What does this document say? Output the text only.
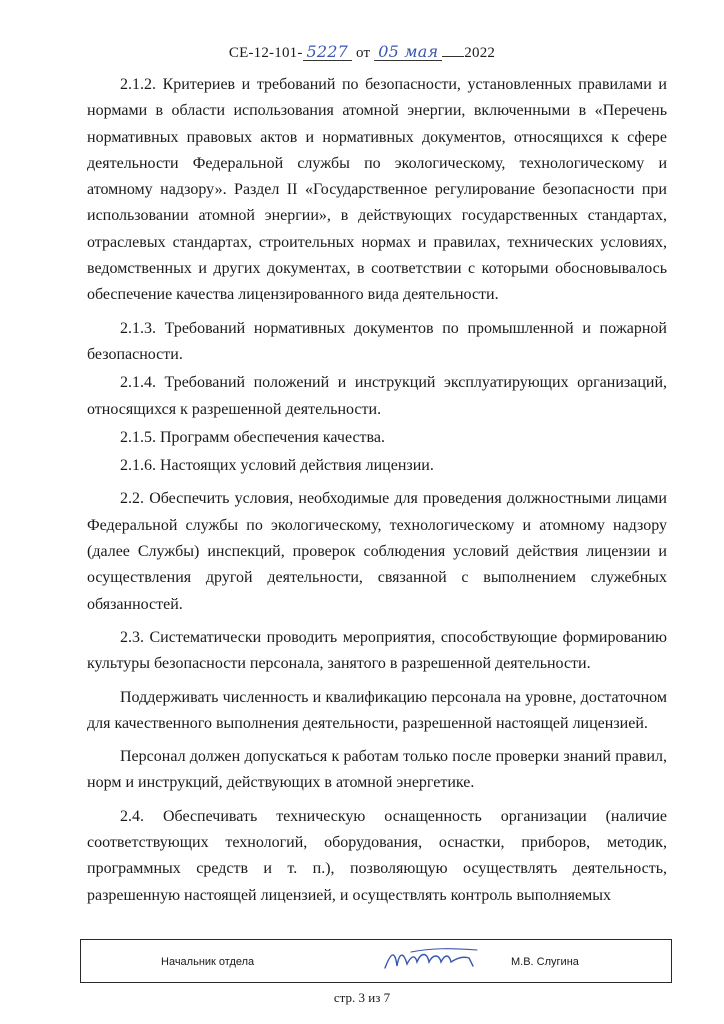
СЕ-12-101- 5227 от 05 мая 2022

2.1.2. Критериев и требований по безопасности, установленных правилами и нормами в области использования атомной энергии, включенными в «Перечень нормативных правовых актов и нормативных документов, относящихся к сфере деятельности Федеральной службы по экологическому, технологическому и атомному надзору». Раздел II «Государственное регулирование безопасности при использовании атомной энергии», в действующих государственных стандартах, отраслевых стандартах, строительных нормах и правилах, технических условиях, ведомственных и других документах, в соответствии с которыми обосновывалось обеспечение качества лицензированного вида деятельности.

2.1.3. Требований нормативных документов по промышленной и пожарной безопасности.

2.1.4. Требований положений и инструкций эксплуатирующих организаций, относящихся к разрешенной деятельности.

2.1.5. Программ обеспечения качества.

2.1.6. Настоящих условий действия лицензии.

2.2. Обеспечить условия, необходимые для проведения должностными лицами Федеральной службы по экологическому, технологическому и атомному надзору (далее Службы) инспекций, проверок соблюдения условий действия лицензии и осуществления другой деятельности, связанной с выполнением служебных обязанностей.

2.3. Систематически проводить мероприятия, способствующие формированию культуры безопасности персонала, занятого в разрешенной деятельности.

Поддерживать численность и квалификацию персонала на уровне, достаточном для качественного выполнения деятельности, разрешенной настоящей лицензией.

Персонал должен допускаться к работам только после проверки знаний правил, норм и инструкций, действующих в атомной энергетике.

2.4. Обеспечивать техническую оснащенность организации (наличие соответствующих технологий, оборудования, оснастки, приборов, методик, программных средств и т. п.), позволяющую осуществлять деятельность, разрешенную настоящей лицензией, и осуществлять контроль выполняемых

Начальник отдела	М.В. Слугина
стр. 3 из 7
